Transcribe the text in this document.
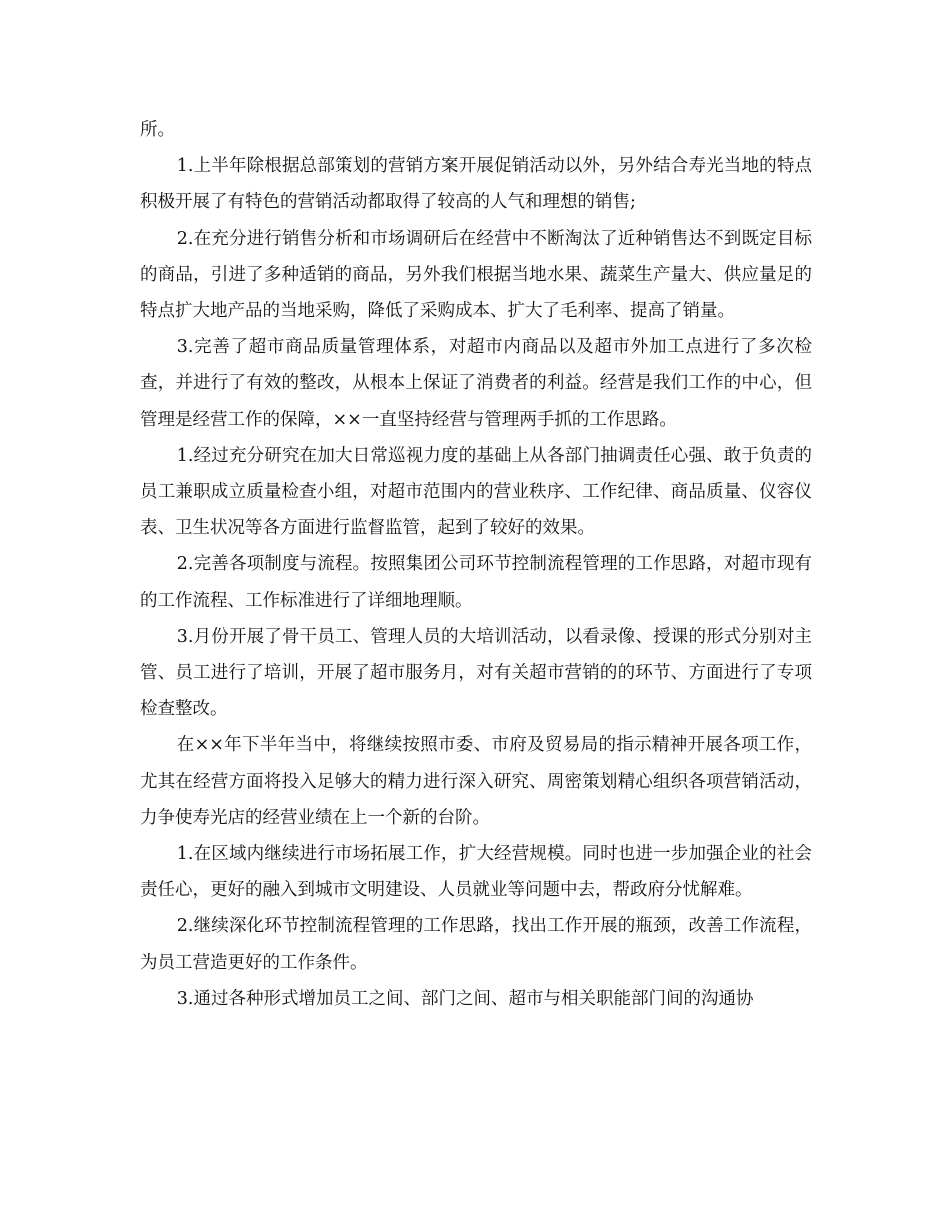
所。

1.上半年除根据总部策划的营销方案开展促销活动以外，另外结合寿光当地的特点积极开展了有特色的营销活动都取得了较高的人气和理想的销售;

2.在充分进行销售分析和市场调研后在经营中不断淘汰了近种销售达不到既定目标的商品，引进了多种适销的商品，另外我们根据当地水果、蔬菜生产量大、供应量足的特点扩大地产品的当地采购，降低了采购成本、扩大了毛利率、提高了销量。

3.完善了超市商品质量管理体系，对超市内商品以及超市外加工点进行了多次检查，并进行了有效的整改，从根本上保证了消费者的利益。经营是我们工作的中心，但管理是经营工作的保障，××一直坚持经营与管理两手抓的工作思路。

1.经过充分研究在加大日常巡视力度的基础上从各部门抽调责任心强、敢于负责的员工兼职成立质量检查小组，对超市范围内的营业秩序、工作纪律、商品质量、仪容仪表、卫生状况等各方面进行监督监管，起到了较好的效果。

2.完善各项制度与流程。按照集团公司环节控制流程管理的工作思路，对超市现有的工作流程、工作标准进行了详细地理顺。

3.月份开展了骨干员工、管理人员的大培训活动，以看录像、授课的形式分别对主管、员工进行了培训，开展了超市服务月，对有关超市营销的的环节、方面进行了专项检查整改。

在××年下半年当中，将继续按照市委、市府及贸易局的指示精神开展各项工作，尤其在经营方面将投入足够大的精力进行深入研究、周密策划精心组织各项营销活动，力争使寿光店的经营业绩在上一个新的台阶。

1.在区域内继续进行市场拓展工作，扩大经营规模。同时也进一步加强企业的社会责任心，更好的融入到城市文明建设、人员就业等问题中去，帮政府分忧解难。

2.继续深化环节控制流程管理的工作思路，找出工作开展的瓶颈，改善工作流程，为员工营造更好的工作条件。

3.通过各种形式增加员工之间、部门之间、超市与相关职能部门间的沟通协
